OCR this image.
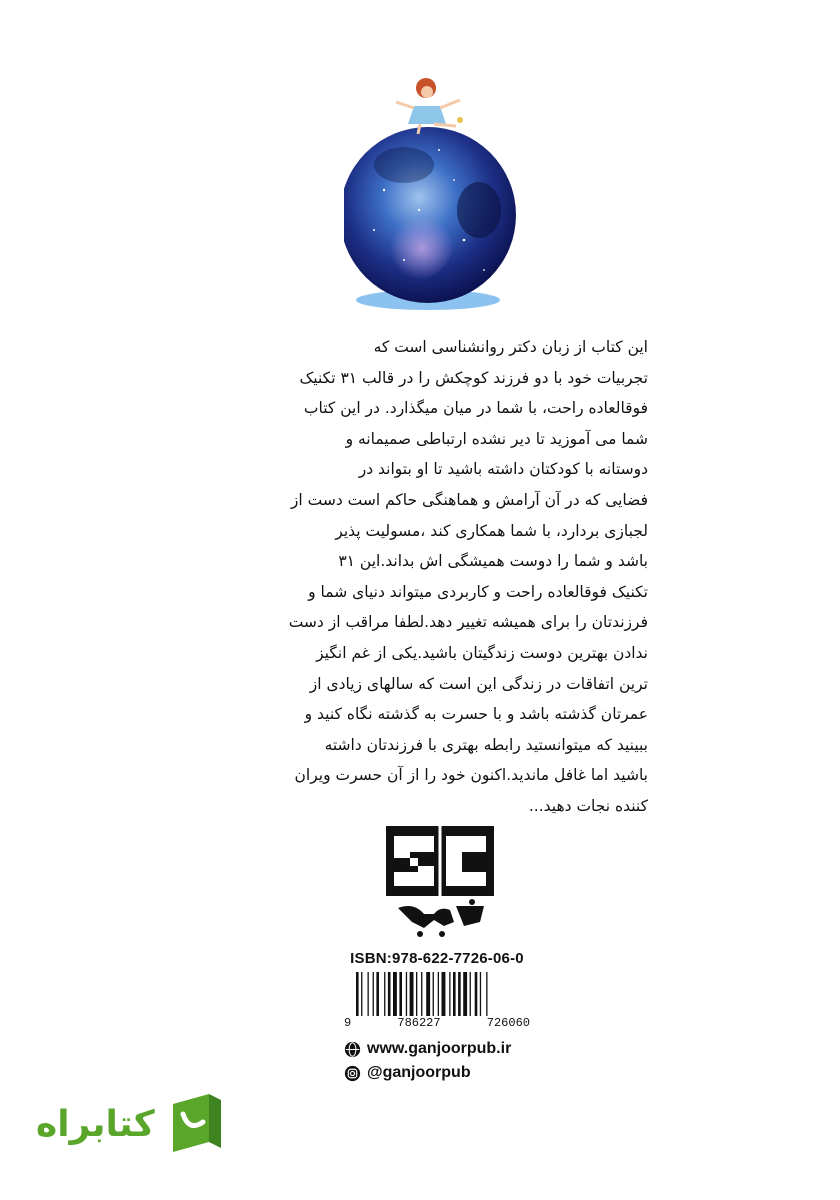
این کتاب از زبان دکتر روانشناسی است که
تجربیات خود با دو فرزند کوچکش را در قالب ۳۱ تکنیک
فوقالعاده راحت، با شما در میان میگذارد. در این کتاب
شما می آموزید تا دیر نشده ارتباطی صمیمانه و
دوستانه با کودکتان داشته باشید تا او بتواند در
فضایی که در آن آرامش و هماهنگی حاکم است دست از
لجبازی بردارد، با شما همکاری کند ،مسولیت پذیر
باشد و شما را دوست همیشگی اش بداند.این ۳۱
تکنیک فوقالعاده راحت و کاربردی میتواند دنیای شما و
فرزندتان را برای همیشه تغییر دهد.لطفا مراقب از دست
ندادن بهترین دوست زندگیتان باشید.یکی از غم انگیز
ترین اتفاقات در زندگی این است که سالهای زیادی از
عمرتان گذشته باشد و با حسرت به گذشته نگاه کنید و
ببینید که میتوانستید رابطه بهتری با فرزندتان داشته
باشید اما غافل ماندید.اکنون خود را از آن حسرت ویران
کننده نجات دهید...
ISBN:978-622-7726-06-0
9	786227	726060
www.ganjoorpub.ir
@ganjoorpub
کتابراه
